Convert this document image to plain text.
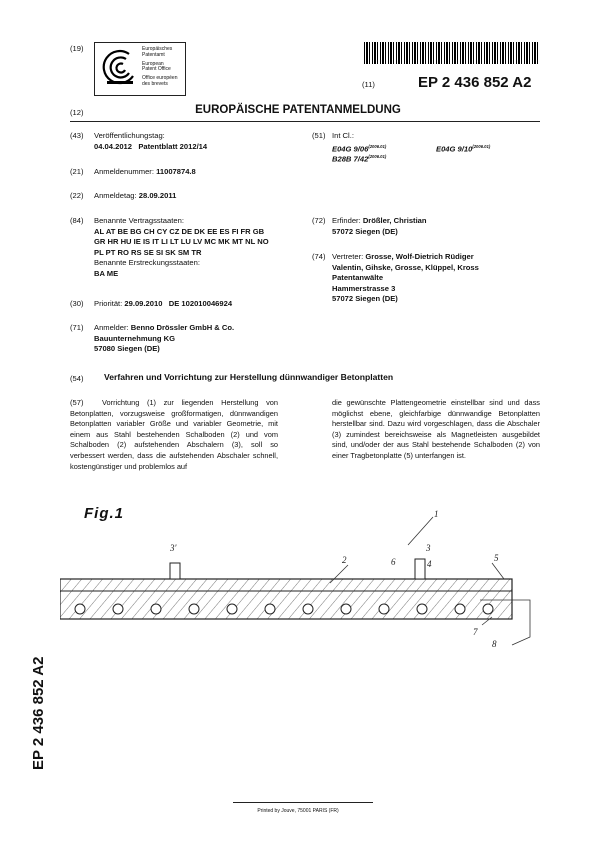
(19)	Europäisches
Patentamt
European
Patent Office
Office européen
des brevets	(11)	EP 2 436 852 A2
(12)	EUROPÄISCHE PATENTANMELDUNG
(43) Veröffentlichungstag:
04.04.2012   Patentblatt 2012/14
(21) Anmeldenummer: 11007874.8
(22) Anmeldetag: 28.09.2011
(84) Benannte Vertragsstaaten:
AL AT BE BG CH CY CZ DE DK EE ES FI FR GB
GR HR HU IE IS IT LI LT LU LV MC MK MT NL NO
PL PT RO RS SE SI SK SM TR
Benannte Erstreckungsstaaten:
BA ME
(30) Priorität: 29.09.2010   DE 102010046924
(71) Anmelder: Benno Drössler GmbH & Co.
Bauunternehmung KG
57080 Siegen (DE)
(51) Int Cl.:
E04G $9/06^{(2006.01)}$	E04G $9/10^{(2006.01)}$
B28B $7/42^{(2006.01)}$
(72) Erfinder: Drößler, Christian
57072 Siegen (DE)
(74) Vertreter: Grosse, Wolf-Dietrich Rüdiger
Valentin, Gihske, Grosse, Klüppel, Kross
Patentanwälte
Hammerstrasse 3
57072 Siegen (DE)
(54) Verfahren und Vorrichtung zur Herstellung dünnwandiger Betonplatten
(57)	Vorrichtung (1) zur liegenden Herstellung von Betonplatten, vorzugsweise großformatigen, dünnwandigen Betonplatten variabler Größe und variabler Geometrie, mit einem aus Stahl bestehenden Schalboden (2) und vom Schalboden (2) aufstehenden Abschalern (3), soll so verbessert werden, dass die aufstehenden Abschaler schnell, kostengünstiger und problemlos auf
die gewünschte Plattengeometrie einstellbar sind und dass möglichst ebene, gleichfarbige dünnwandige Betonplatten herstellbar sind. Dazu wird vorgeschlagen, dass die Abschaler (3) zumindest bereichsweise als Magnetleisten ausgebildet sind, und/oder der aus Stahl bestehende Schalboden (2) von einer Tragbetonplatte (5) unterfangen ist.
Fig.1	1
2
3
3'
4
5
6
7
8
EP 2 436 852 A2
Printed by Jouve, 75001 PARIS (FR)
